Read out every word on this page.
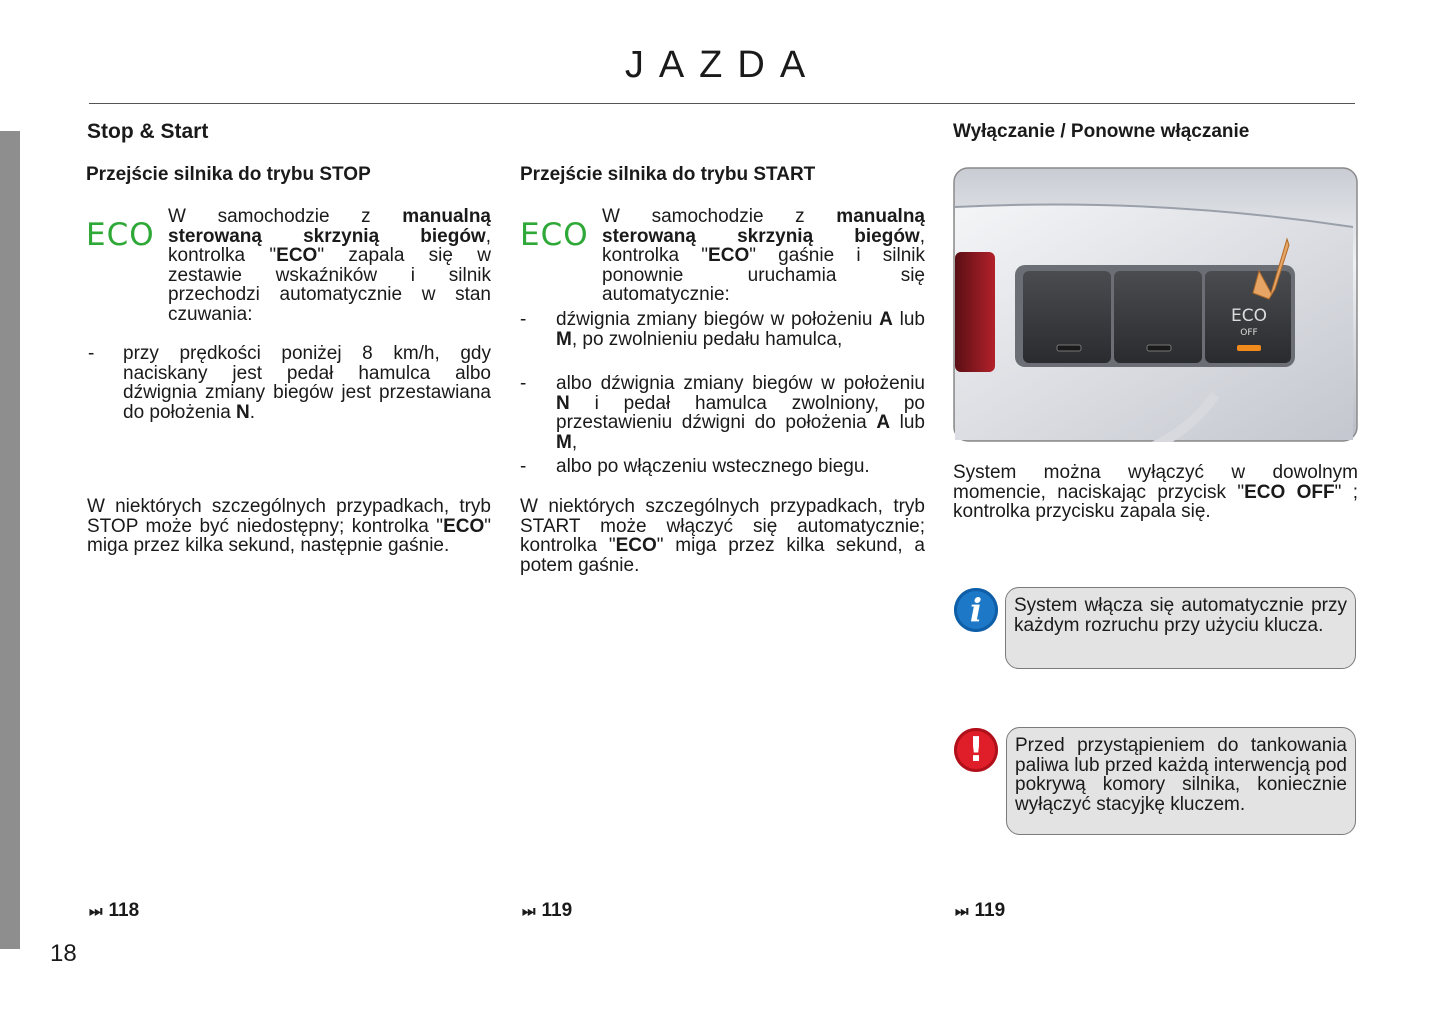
18
JAZDA
Stop & Start
Przejście silnika do trybu STOP
ECO
W samochodzie z manualną sterowaną skrzynią biegów, kontrolka "ECO" zapala się w zestawie wskaźników i silnik przechodzi automatycznie w stan czuwania:
- przy prędkości poniżej 8 km/h, gdy naciskany jest pedał hamulca albo dźwignia zmiany biegów jest przestawiana do położenia N.
W niektórych szczególnych przypadkach, tryb STOP może być niedostępny; kontrolka "ECO" miga przez kilka sekund, następnie gaśnie.
⏭ 118
Przejście silnika do trybu START
ECO
W samochodzie z manualną sterowaną skrzynią biegów, kontrolka "ECO" gaśnie i silnik ponownie uruchamia się automatycznie:
- dźwignia zmiany biegów w położeniu A lub M, po zwolnieniu pedału hamulca,
- albo dźwignia zmiany biegów w położeniu N i pedał hamulca zwolniony, po przestawieniu dźwigni do położenia A lub M,
- albo po włączeniu wstecznego biegu.
W niektórych szczególnych przypadkach, tryb START może włączyć się automatycznie; kontrolka "ECO" miga przez kilka sekund, a potem gaśnie.
⏭ 119
Wyłączanie / Ponowne włączanie
ECO
OFF
System można wyłączyć w dowolnym momencie, naciskając przycisk "ECO OFF" ; kontrolka przycisku zapala się.
i	System włącza się automatycznie przy każdym rozruchu przy użyciu klucza.
!	Przed przystąpieniem do tankowania paliwa lub przed każdą interwencją pod pokrywą komory silnika, koniecznie wyłączyć stacyjkę kluczem.
⏭ 119
